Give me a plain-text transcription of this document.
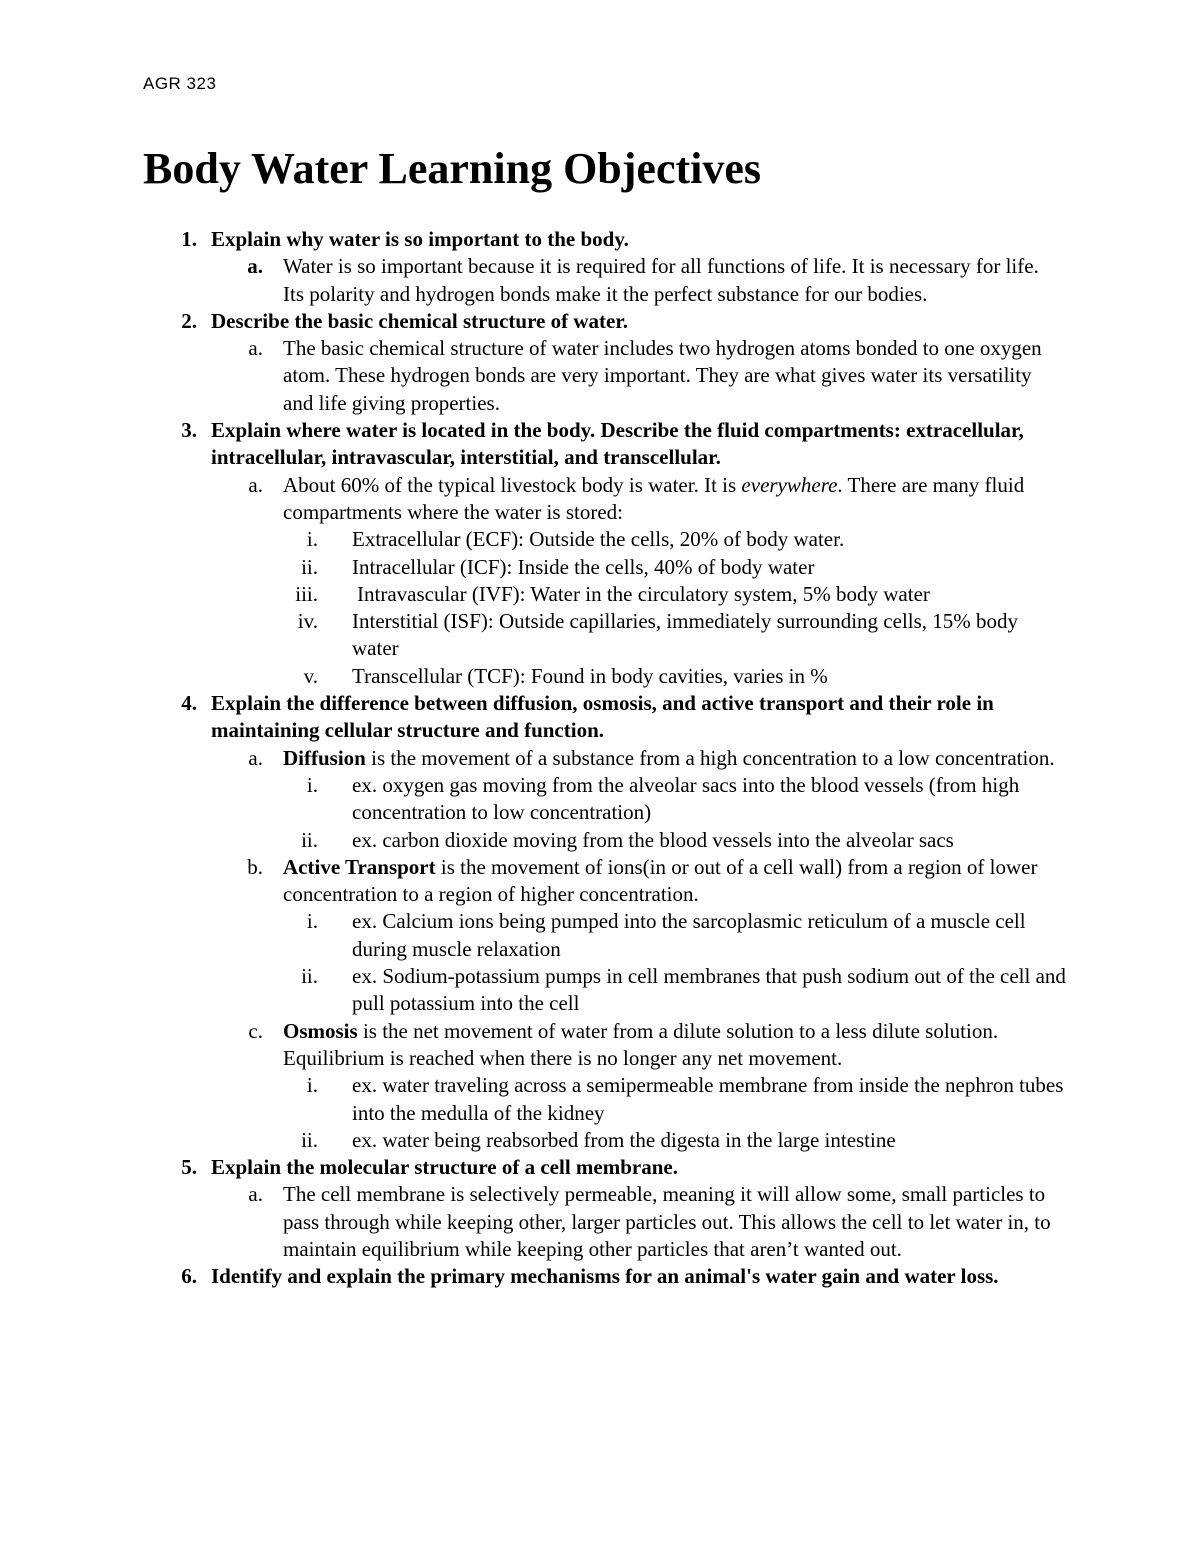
AGR 323
Body Water Learning Objectives
1. Explain why water is so important to the body.
a. Water is so important because it is required for all functions of life. It is necessary for life. Its polarity and hydrogen bonds make it the perfect substance for our bodies.
2. Describe the basic chemical structure of water.
a. The basic chemical structure of water includes two hydrogen atoms bonded to one oxygen atom. These hydrogen bonds are very important. They are what gives water its versatility and life giving properties.
3. Explain where water is located in the body. Describe the fluid compartments: extracellular, intracellular, intravascular, interstitial, and transcellular.
a. About 60% of the typical livestock body is water. It is everywhere. There are many fluid compartments where the water is stored:
i. Extracellular (ECF): Outside the cells, 20% of body water.
ii. Intracellular (ICF): Inside the cells, 40% of body water
iii. Intravascular (IVF): Water in the circulatory system, 5% body water
iv. Interstitial (ISF): Outside capillaries, immediately surrounding cells, 15% body water
v. Transcellular (TCF): Found in body cavities, varies in %
4. Explain the difference between diffusion, osmosis, and active transport and their role in maintaining cellular structure and function.
a. Diffusion is the movement of a substance from a high concentration to a low concentration.
i. ex. oxygen gas moving from the alveolar sacs into the blood vessels (from high concentration to low concentration)
ii. ex. carbon dioxide moving from the blood vessels into the alveolar sacs
b. Active Transport is the movement of ions(in or out of a cell wall) from a region of lower concentration to a region of higher concentration.
i. ex. Calcium ions being pumped into the sarcoplasmic reticulum of a muscle cell during muscle relaxation
ii. ex. Sodium-potassium pumps in cell membranes that push sodium out of the cell and pull potassium into the cell
c. Osmosis is the net movement of water from a dilute solution to a less dilute solution. Equilibrium is reached when there is no longer any net movement.
i. ex. water traveling across a semipermeable membrane from inside the nephron tubes into the medulla of the kidney
ii. ex. water being reabsorbed from the digesta in the large intestine
5. Explain the molecular structure of a cell membrane.
a. The cell membrane is selectively permeable, meaning it will allow some, small particles to pass through while keeping other, larger particles out. This allows the cell to let water in, to maintain equilibrium while keeping other particles that aren’t wanted out.
6. Identify and explain the primary mechanisms for an animal's water gain and water loss.
